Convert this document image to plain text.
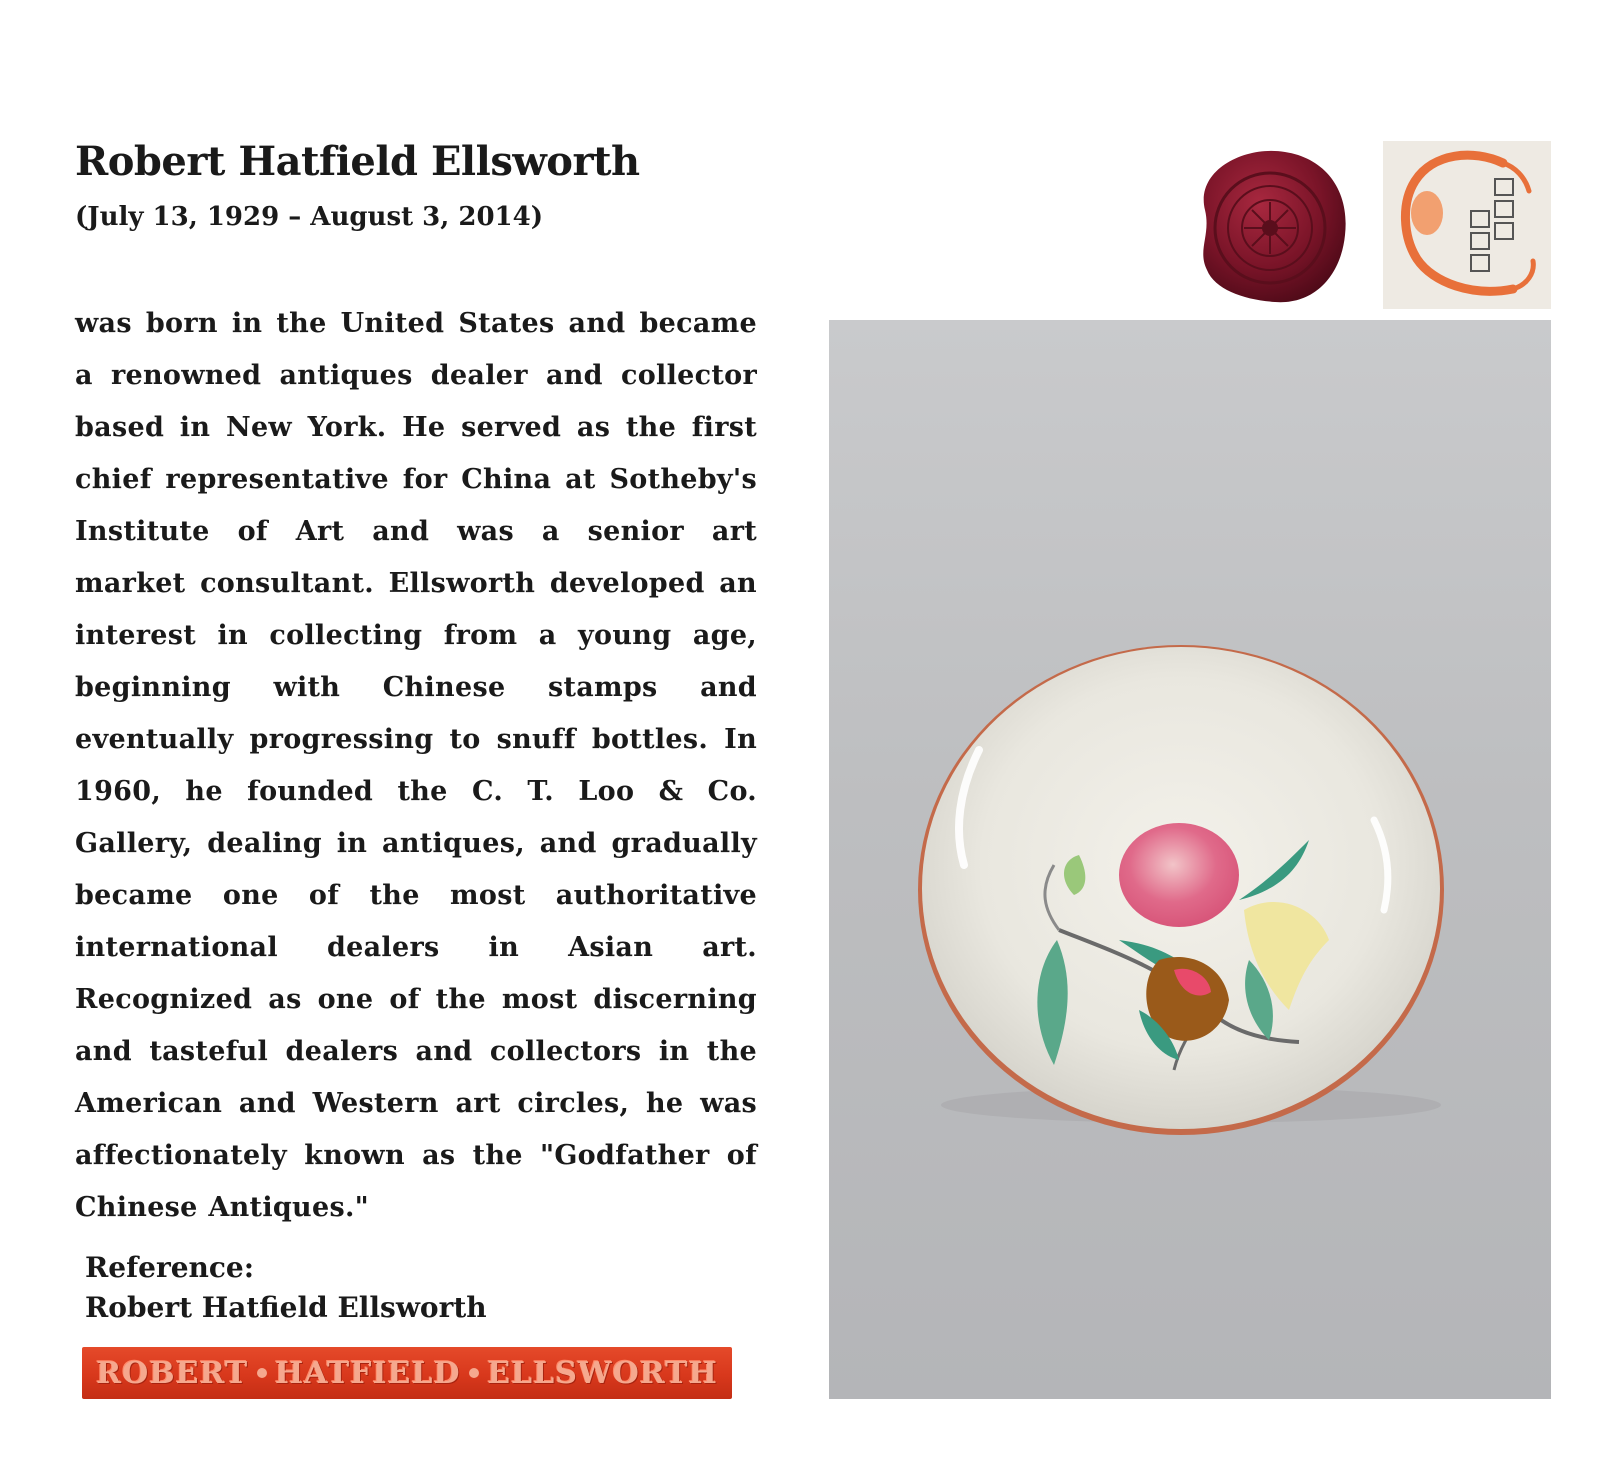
Robert Hatfield Ellsworth
(July 13, 1929 – August 3, 2014)
was born in the United States and became a renowned antiques dealer and collector based in New York. He served as the first chief representative for China at Sotheby's Institute of Art and was a senior art market consultant. Ellsworth developed an interest in collecting from a young age, beginning with Chinese stamps and eventually progressing to snuff bottles. In 1960, he founded the C. T. Loo & Co. Gallery, dealing in antiques, and gradually became one of the most authoritative international dealers in Asian art. Recognized as one of the most discerning and tasteful dealers and collectors in the American and Western art circles, he was affectionately known as the "Godfather of Chinese Antiques."
Reference:
Robert Hatfield Ellsworth
ROBERT HATFIELD ELLSWORTH
